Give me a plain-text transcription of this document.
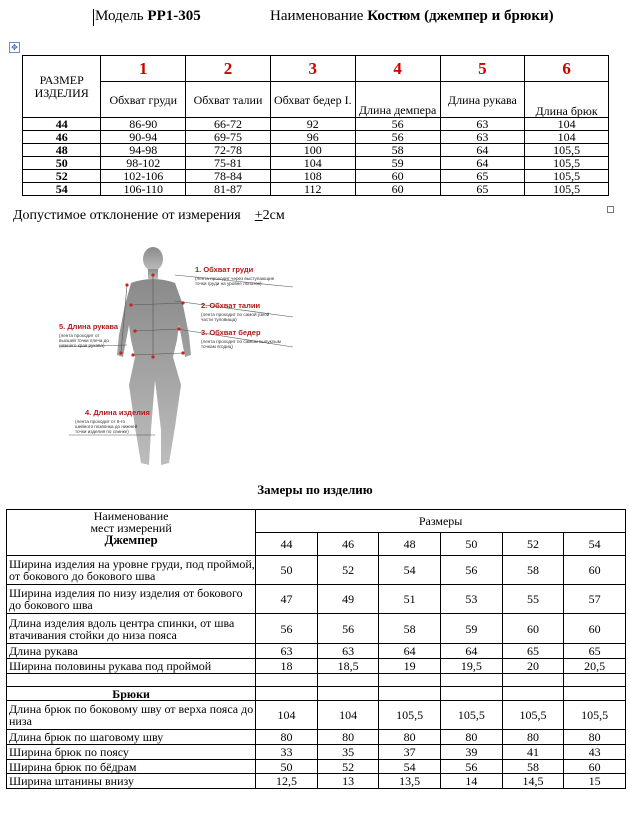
Модель PP1-305	Наименование Костюм (джемпер и брюки)
✥
РАЗМЕР ИЗДЕЛИЯ	1	2	3	4	5	6
	Обхват груди	Обхват талии	Обхват бедер I.	Длина демпера	Длина рукава	Длина брюк
44	86-90	66-72	92	56	63	104
46	90-94	69-75	96	56	63	104
48	94-98	72-78	100	58	64	105,5
50	98-102	75-81	104	59	64	105,5
52	102-106	78-84	108	60	65	105,5
54	106-110	81-87	112	60	65	105,5
Допустимое отклонение от измерения +2см
1. Обхват груди
(лента проходит через выступающие
точки груди на уровне лопаток)
2. Обхват талии
(лента проходит по самой узкой
части туловища)
3. Обхват бедер
(лента проходит по самым выпуклым
точкам ягодиц)
5. Длина рукава
(лента проходит от
высшей точки плеча до
нижнего края рукава)
4. Длина изделия
(лента проходит от 6-го
шейного позвонка до нижней
точки изделия по спинке)
Замеры по изделию
Наименование
мест измерений
Джемпер	Размеры					
	44	46	48	50	52	54
Ширина изделия на уровне груди, под проймой, от бокового до бокового шва	50	52	54	56	58	60
Ширина изделия по низу изделия от бокового до бокового шва	47	49	51	53	55	57
Длина изделия вдоль центра спинки, от шва втачивания стойки до низа пояса	56	56	58	59	60	60
Длина рукава	63	63	64	64	65	65
Ширина половины рукава под проймой	18	18,5	19	19,5	20	20,5

Брюки						
Длина брюк по боковому шву от верха пояса до низа	104	104	105,5	105,5	105,5	105,5
Длина брюк по шаговому шву	80	80	80	80	80	80
Ширина брюк по поясу	33	35	37	39	41	43
Ширина брюк по бёдрам	50	52	54	56	58	60
Ширина штанины внизу	12,5	13	13,5	14	14,5	15
